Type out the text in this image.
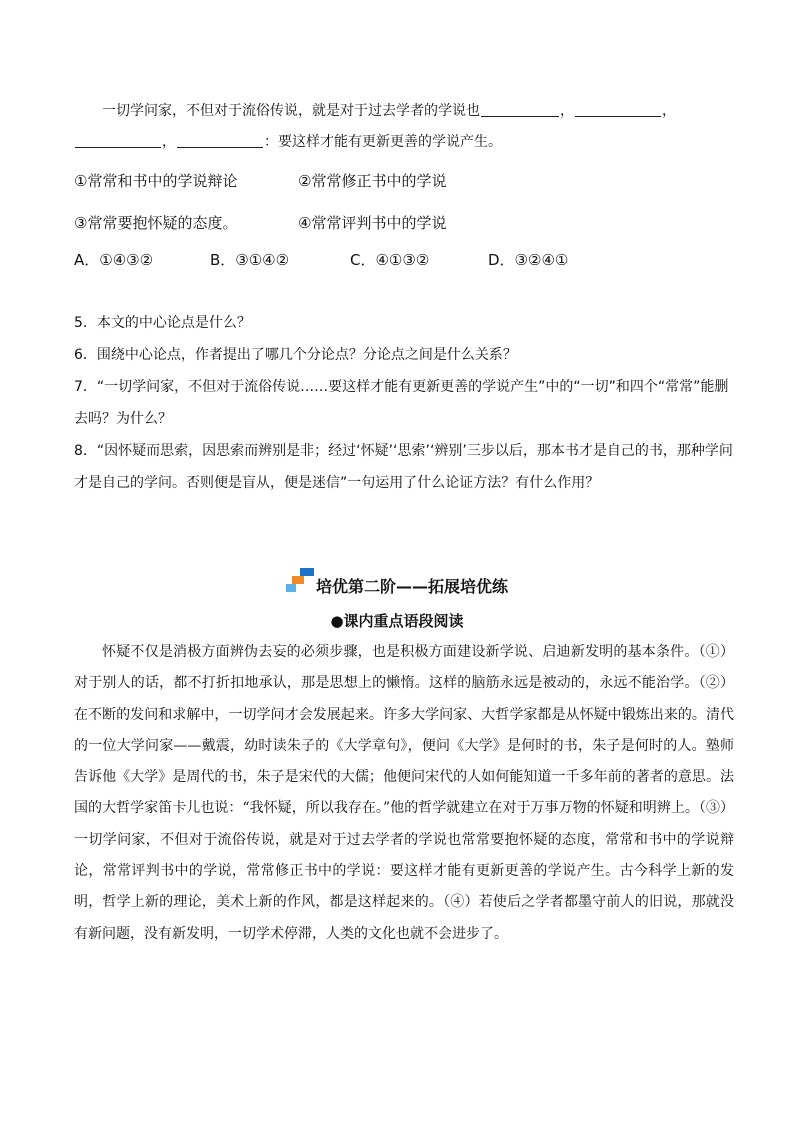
一切学问家，不但对于流俗传说，就是对于过去学者的学说也	，	，
，	：要这样才能有更新更善的学说产生。
①常常和书中的学说辩论	②常常修正书中的学说
③常常要抱怀疑的态度。	④常常评判书中的学说
A．①④③②	B．③①④②	C．④①③②	D．③②④①
5．本文的中心论点是什么？
6．围绕中心论点，作者提出了哪几个分论点？分论点之间是什么关系？
7．“一切学问家，不但对于流俗传说……要这样才能有更新更善的学说产生”中的“一切”和四个“常常”能删去吗？为什么？
8．“因怀疑而思索，因思索而辨别是非；经过‘怀疑’‘思索’‘辨别’三步以后，那本书才是自己的书，那种学问才是自己的学问。否则便是盲从，便是迷信”一句运用了什么论证方法？有什么作用？
培优第二阶——拓展培优练
●课内重点语段阅读

怀疑不仅是消极方面辨伪去妄的必须步骤，也是积极方面建设新学说、启迪新发明的基本条件。（①）对于别人的话，都不打折扣地承认，那是思想上的懒惰。这样的脑筋永远是被动的，永远不能治学。（②）在不断的发问和求解中，一切学问才会发展起来。许多大学问家、大哲学家都是从怀疑中锻炼出来的。清代的一位大学问家——戴震，幼时读朱子的《大学章句》，便问《大学》是何时的书，朱子是何时的人。塾师告诉他《大学》是周代的书，朱子是宋代的大儒；他便问宋代的人如何能知道一千多年前的著者的意思。法国的大哲学家笛卡儿也说：“我怀疑，所以我存在。”他的哲学就建立在对于万事万物的怀疑和明辨上。（③）一切学问家，不但对于流俗传说，就是对于过去学者的学说也常常要抱怀疑的态度，常常和书中的学说辩论，常常评判书中的学说，常常修正书中的学说：要这样才能有更新更善的学说产生。古今科学上新的发明，哲学上新的理论，美术上新的作风，都是这样起来的。（④）若使后之学者都墨守前人的旧说，那就没有新问题，没有新发明，一切学术停滞，人类的文化也就不会进步了。
